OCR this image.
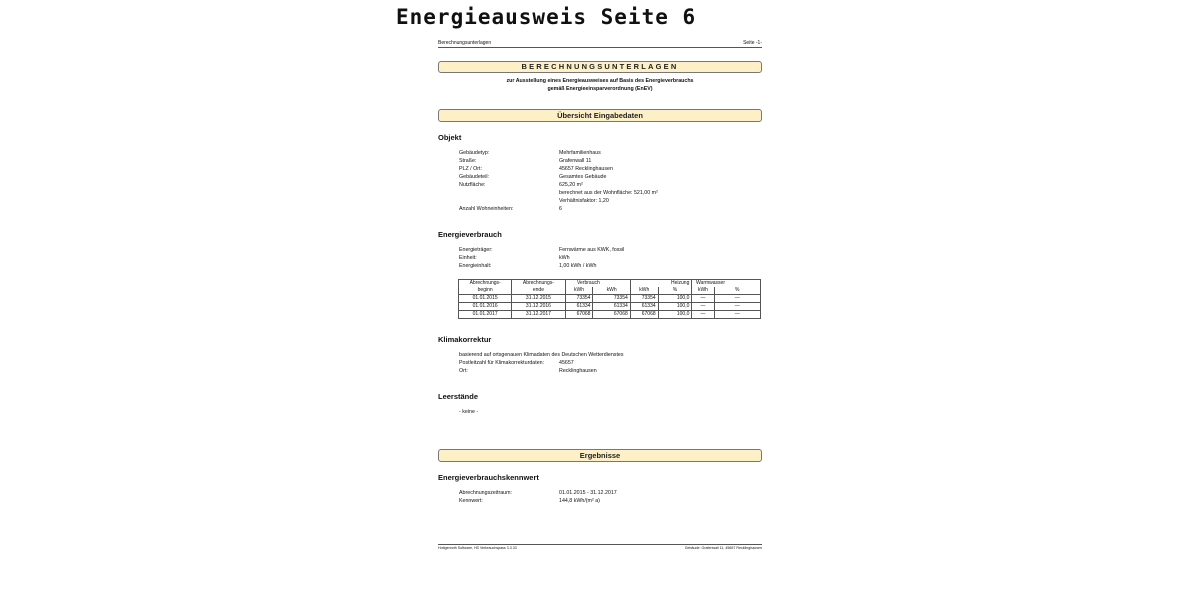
Energieausweis Seite 6
Berechnungsunterlagen	Seite -1-
BERECHNUNGSUNTERLAGEN
zur Ausstellung eines Energieausweises auf Basis des Energieverbrauchs
gemäß Energieeinsparverordnung (EnEV)
Übersicht Eingabedaten
Objekt
Gebäudetyp:	Mehrfamilienhaus
Straße:	Grafenwall 11
PLZ / Ort:	45657 Recklinghausen
Gebäudeteil:	Gesamtes Gebäude
Nutzfläche:	625,20 m²
berechnet aus der Wohnfläche: 521,00 m²
Verhältnisfaktor: 1,20
Anzahl Wohneinheiten:	6
Energieverbrauch
Energieträger:	Fernwärme aus KWK, fossil
Einheit:	kWh
Energieinhalt:	1,00 kWh / kWh
Abrechnungs-	Abrechnungs-		Verbrauch		Heizung		Warmwasser
beginn	ende	kWh	kWh	kWh	%	kWh	%
01.01.2015	31.12.2015	73354	73354	73354	100,0	—	—
01.01.2016	31.12.2016	61334	61334	61334	100,0	—	—
01.01.2017	31.12.2017	67068	67068	67068	100,0	—	—
Klimakorrektur
basierend auf ortsgenauen Klimadaten des Deutschen Wetterdienstes
Postleitzahl für Klimakorrekturdaten:	45657
Ort:	Recklinghausen
Leerstände
- keine -
Ergebnisse
Energieverbrauchskennwert
Abrechnungszeitraum:	01.01.2015 - 31.12.2017
Kennwert:	144,8 kWh/(m² a)
Hottgenroth Software, HS Verbrauchspass 3.3.33	Gebäude: Grafenwall 11, 45657 Recklinghausen
